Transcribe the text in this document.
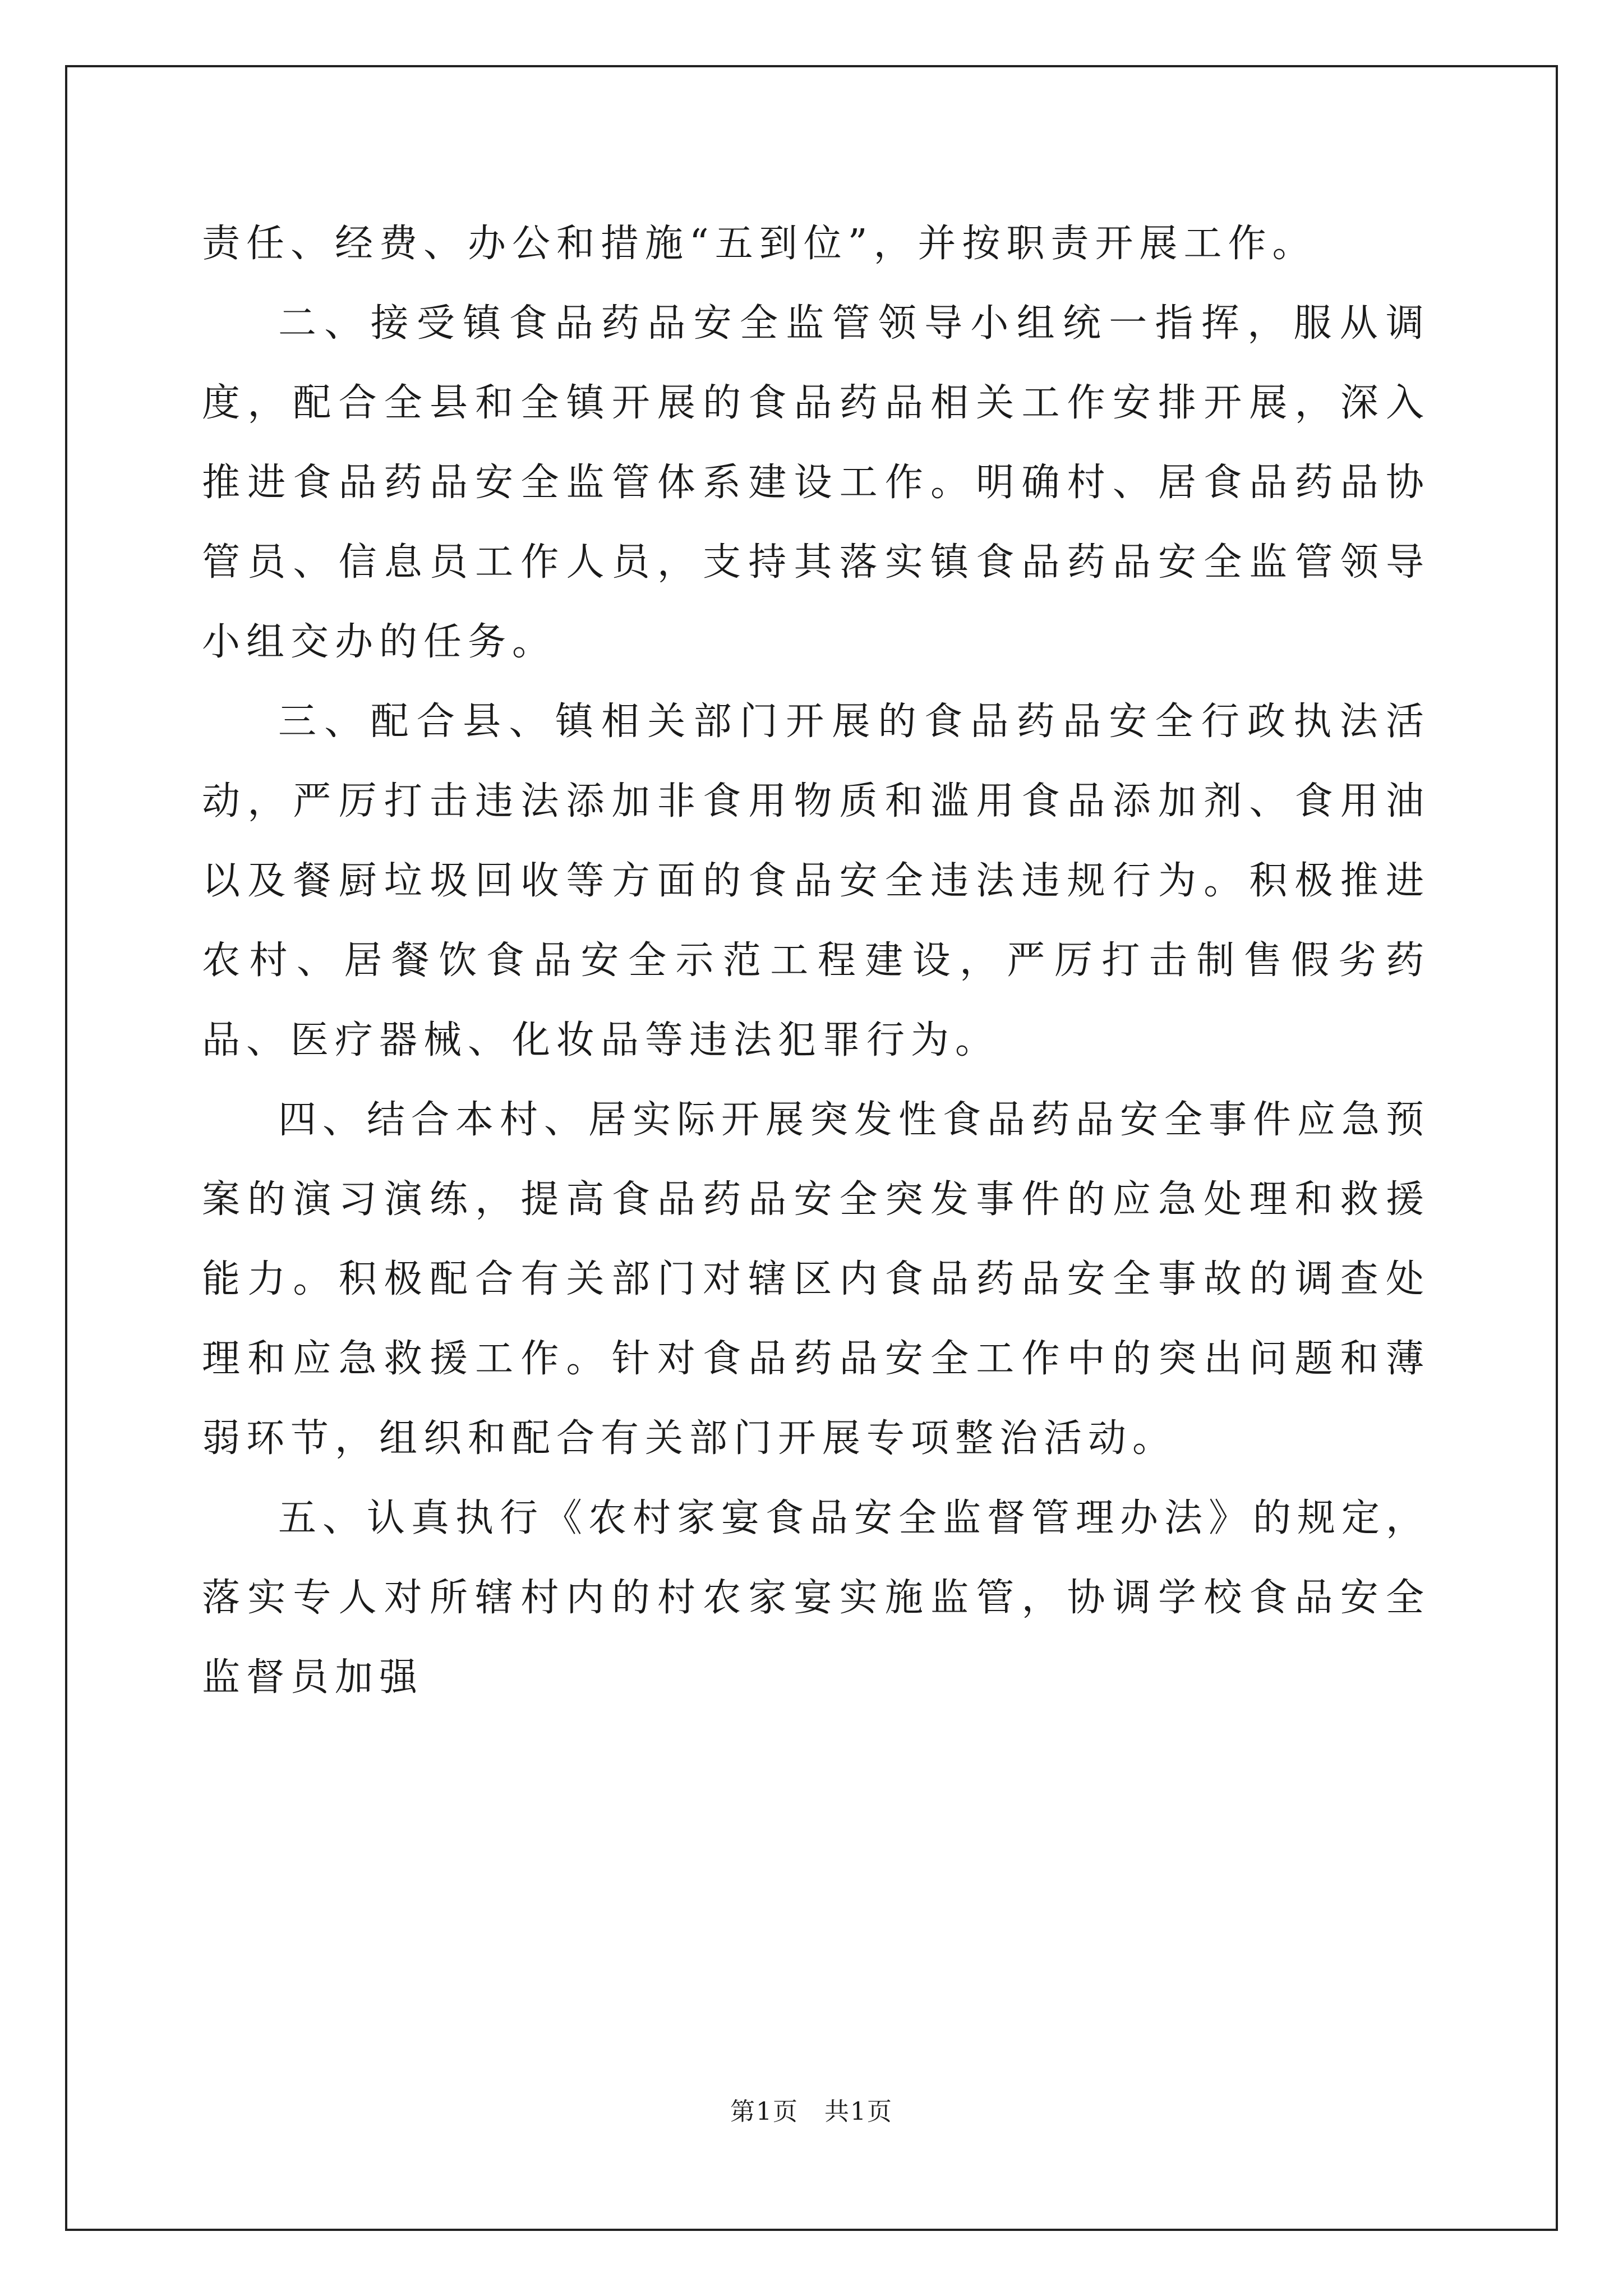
责任、经费、办公和措施“五到位”，并按职责开展工作。

二、接受镇食品药品安全监管领导小组统一指挥，服从调度，配合全县和全镇开展的食品药品相关工作安排开展，深入推进食品药品安全监管体系建设工作。明确村、居食品药品协管员、信息员工作人员，支持其落实镇食品药品安全监管领导小组交办的任务。

三、配合县、镇相关部门开展的食品药品安全行政执法活动，严厉打击违法添加非食用物质和滥用食品添加剂、食用油以及餐厨垃圾回收等方面的食品安全违法违规行为。积极推进农村、居餐饮食品安全示范工程建设，严厉打击制售假劣药品、医疗器械、化妆品等违法犯罪行为。

四、结合本村、居实际开展突发性食品药品安全事件应急预案的演习演练，提高食品药品安全突发事件的应急处理和救援能力。积极配合有关部门对辖区内食品药品安全事故的调查处理和应急救援工作。针对食品药品安全工作中的突出问题和薄弱环节，组织和配合有关部门开展专项整治活动。

五、认真执行《农村家宴食品安全监督管理办法》的规定，落实专人对所辖村内的村农家宴实施监管，协调学校食品安全监督员加强

第1页 共1页
